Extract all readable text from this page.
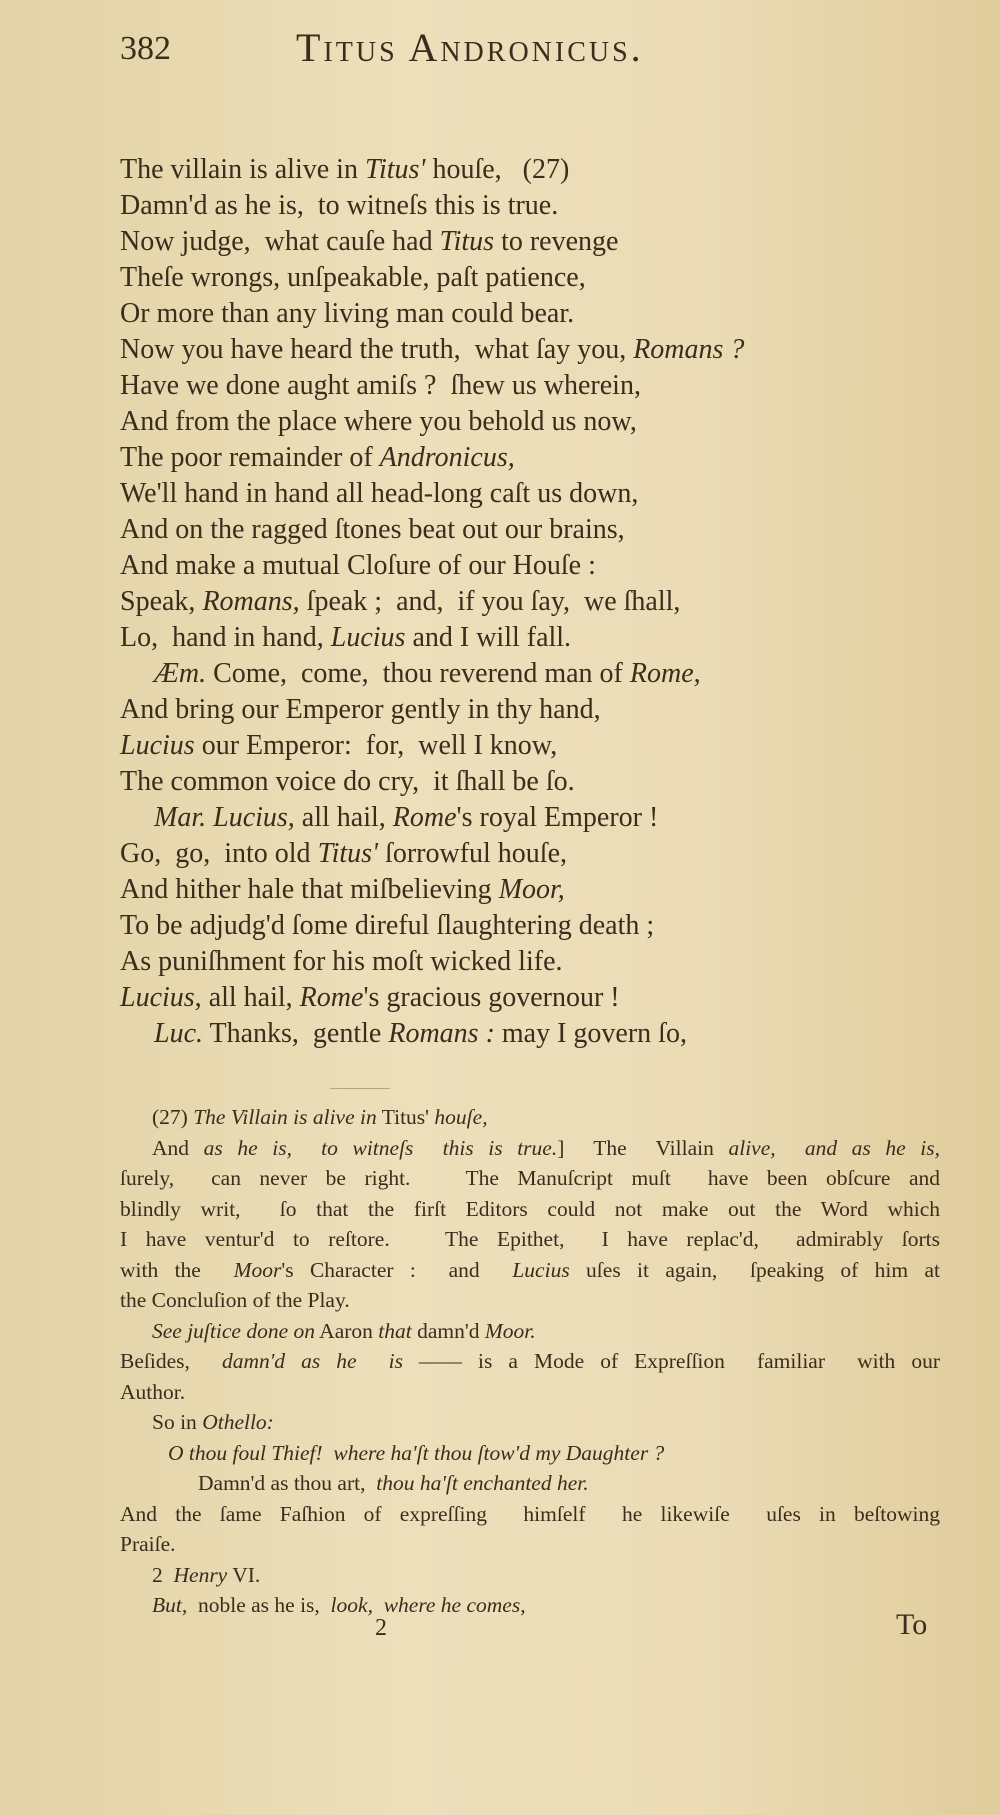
382	Titus Andronicus.
The villain is alive in Titus' houſe,   (27)
Damn'd as he is,  to witneſs this is true.
Now judge,  what cauſe had Titus to revenge
Theſe wrongs, unſpeakable, paſt patience,
Or more than any living man could bear.
Now you have heard the truth,  what ſay you, Romans ?
Have we done aught amiſs ?  ſhew us wherein,
And from the place where you behold us now,
The poor remainder of Andronicus,
We'll hand in hand all head-long caſt us down,
And on the ragged ſtones beat out our brains,
And make a mutual Cloſure of our Houſe :
Speak, Romans, ſpeak ;  and,  if you ſay,  we ſhall,
Lo,  hand in hand, Lucius and I will fall.
Æm. Come,  come,  thou reverend man of Rome,
And bring our Emperor gently in thy hand,
Lucius our Emperor:  for,  well I know,
The common voice do cry,  it ſhall be ſo.
Mar. Lucius, all hail, Rome's royal Emperor !
Go,  go,  into old Titus' ſorrowful houſe,
And hither hale that miſbelieving Moor,
To be adjudg'd ſome direful ſlaughtering death ;
As puniſhment for his moſt wicked life.
Lucius, all hail, Rome's gracious governour !
Luc. Thanks,  gentle Romans : may I govern ſo,
(27) The Villain is alive in Titus' houſe,
And as he is,  to witneſs  this is true.]  The  Villain alive,  and as he is,
ſurely,  can never be right.   The Manuſcript muſt  have been obſcure and
blindly writ,  ſo that the firſt Editors could not make out the Word which
I have ventur'd to reſtore.   The Epithet,  I have replac'd,  admirably ſorts
with the  Moor's Character :  and  Lucius uſes it again,  ſpeaking of him at
the Concluſion of the Play.
See juſtice done on Aaron that damn'd Moor.
Beſides,  damn'd as he  is —— is a Mode of Expreſſion  familiar  with our
Author.
So in Othello:
O thou foul Thief!  where ha'ſt thou ſtow'd my Daughter ?
Damn'd as thou art,  thou ha'ſt enchanted her.
And the ſame Faſhion of expreſſing  himſelf  he likewiſe  uſes in beſtowing
Praiſe.
2  Henry VI.
But,  noble as he is,  look,  where he comes,
2	To
